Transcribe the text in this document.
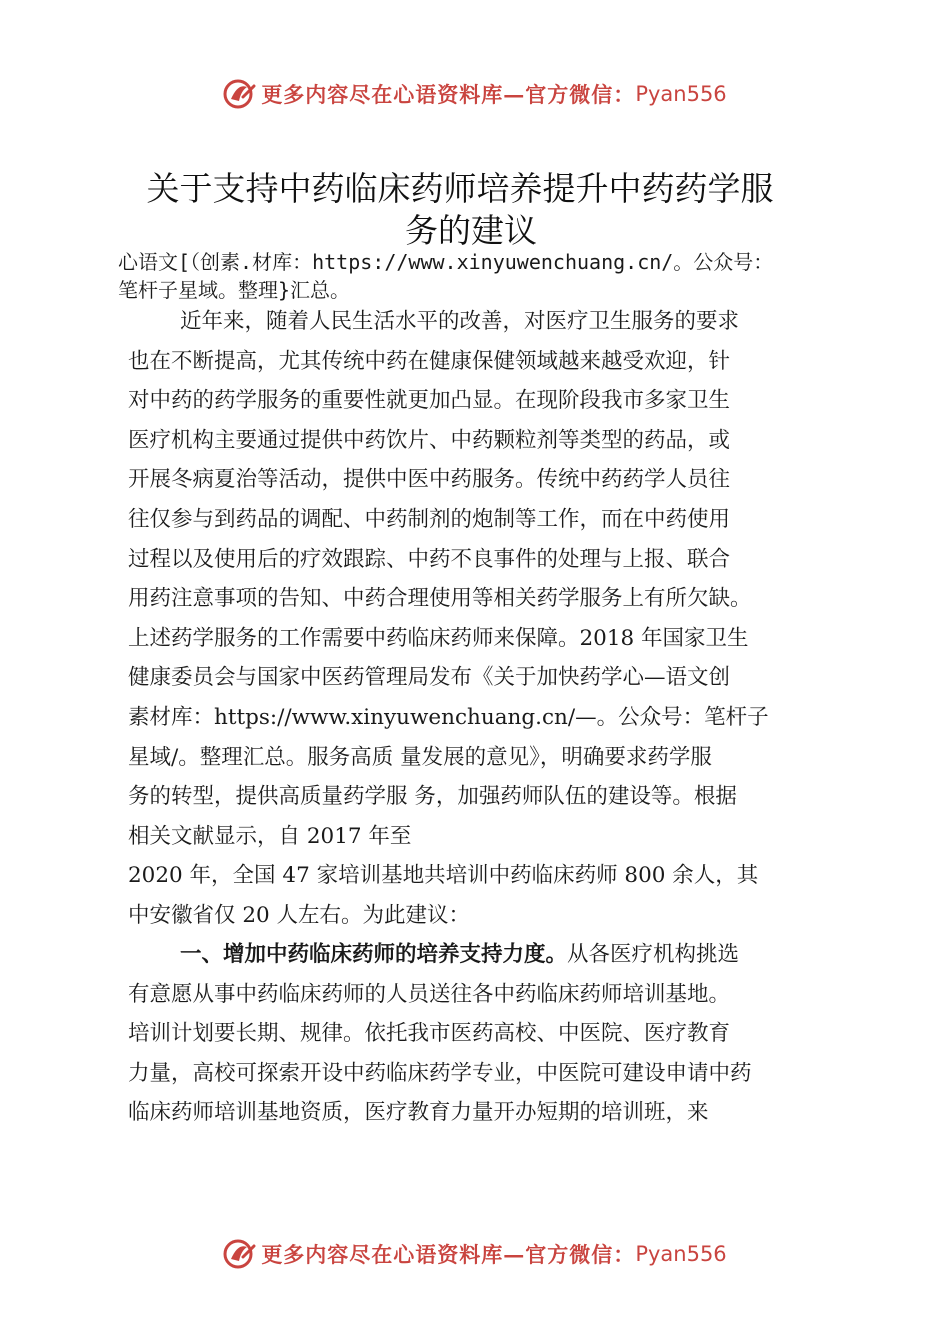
更多内容尽在心语资料库—官方微信： Pyan556
关于支持中药临床药师培养提升中药药学服
务的建议
心语文[（创素.材库：https://www.xinyuwenchuang.cn/。公众号：
笔杆子星域。整理}汇总。
近年来，随着人民生活水平的改善，对医疗卫生服务的要求
也在不断提高，尤其传统中药在健康保健领域越来越受欢迎，针
对中药的药学服务的重要性就更加凸显。在现阶段我市多家卫生
医疗机构主要通过提供中药饮片、中药颗粒剂等类型的药品，或
开展冬病夏治等活动，提供中医中药服务。传统中药药学人员往
往仅参与到药品的调配、中药制剂的炮制等工作，而在中药使用
过程以及使用后的疗效跟踪、中药不良事件的处理与上报、联合
用药注意事项的告知、中药合理使用等相关药学服务上有所欠缺。
上述药学服务的工作需要中药临床药师来保障。2018 年国家卫生
健康委员会与国家中医药管理局发布《关于加快药学心—语文创
素材库：https://www.xinyuwenchuang.cn/—。公众号：笔杆子
星域/。整理汇总。服务高质 量发展的意见》，明确要求药学服
务的转型，提供高质量药学服 务，加强药师队伍的建设等。根据
相关文献显示，自 2017 年至
2020 年，全国 47 家培训基地共培训中药临床药师 800 余人，其
中安徽省仅 20 人左右。为此建议：
一、增加中药临床药师的培养支持力度。从各医疗机构挑选
有意愿从事中药临床药师的人员送往各中药临床药师培训基地。
培训计划要长期、规律。依托我市医药高校、中医院、医疗教育
力量，高校可探索开设中药临床药学专业，中医院可建设申请中药
临床药师培训基地资质，医疗教育力量开办短期的培训班，来
更多内容尽在心语资料库—官方微信： Pyan556
